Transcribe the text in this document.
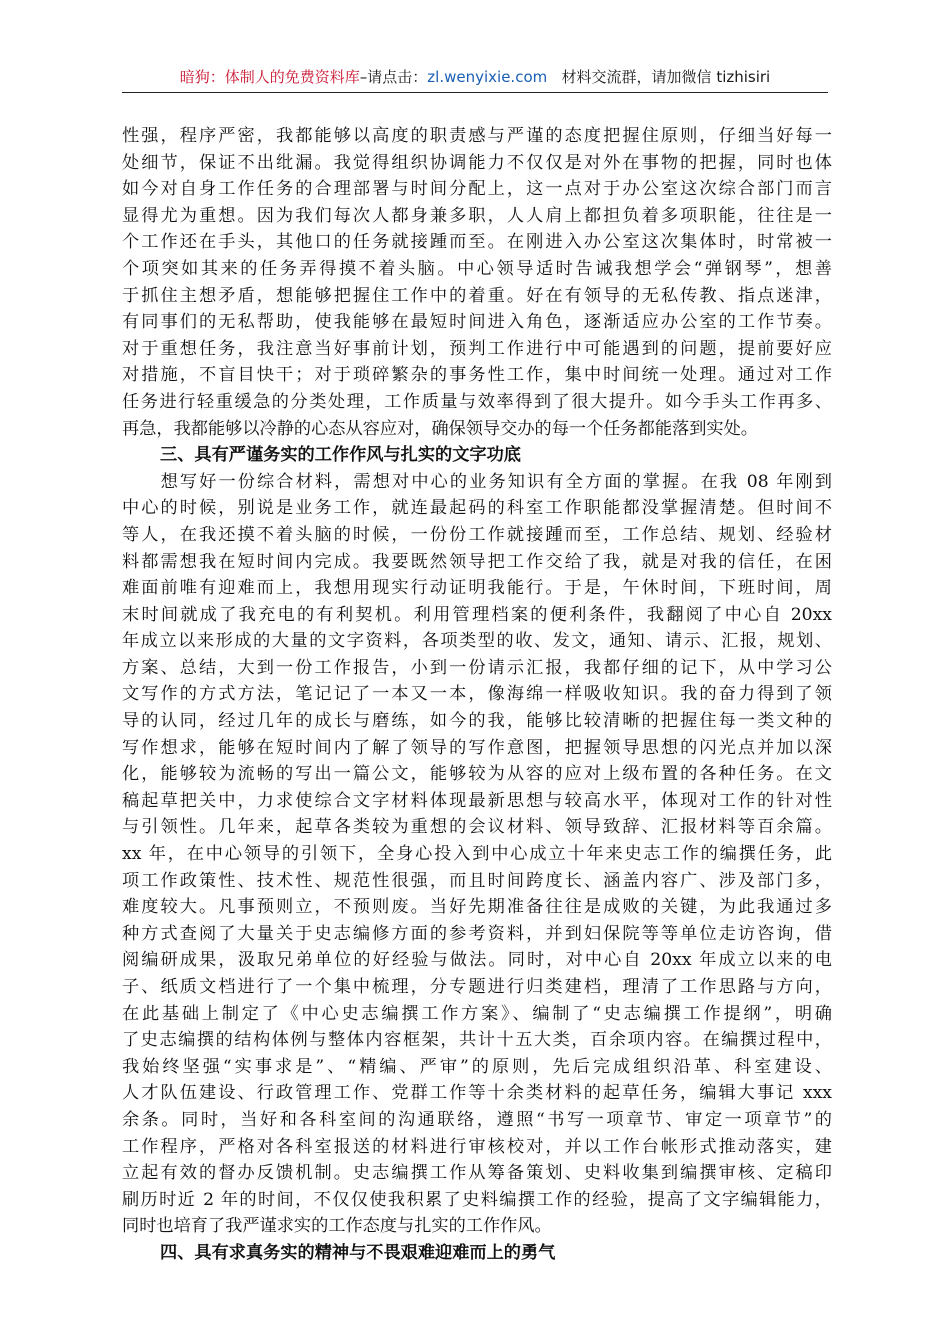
暗狗：体制人的免费资料库–请点击：zl.wenyixie.com 材料交流群，请加微信 tizhisiri

性强，程序严密，我都能够以高度的职责感与严谨的态度把握住原则，仔细当好每一

处细节，保证不出纰漏。我觉得组织协调能力不仅仅是对外在事物的把握，同时也体

如今对自身工作任务的合理部署与时间分配上，这一点对于办公室这次综合部门而言

显得尤为重想。因为我们每次人都身兼多职，人人肩上都担负着多项职能，往往是一

个工作还在手头，其他口的任务就接踵而至。在刚进入办公室这次集体时，时常被一

个项突如其来的任务弄得摸不着头脑。中心领导适时告诫我想学会“弹钢琴”，想善

于抓住主想矛盾，想能够把握住工作中的着重。好在有领导的无私传教、指点迷津，

有同事们的无私帮助，使我能够在最短时间进入角色，逐渐适应办公室的工作节奏。

对于重想任务，我注意当好事前计划，预判工作进行中可能遇到的问题，提前要好应

对措施，不盲目快干；对于琐碎繁杂的事务性工作，集中时间统一处理。通过对工作

任务进行轻重缓急的分类处理，工作质量与效率得到了很大提升。如今手头工作再多、

再急，我都能够以冷静的心态从容应对，确保领导交办的每一个任务都能落到实处。

三、具有严谨务实的工作作风与扎实的文字功底

　　想写好一份综合材料，需想对中心的业务知识有全方面的掌握。在我 08 年刚到

中心的时候，别说是业务工作，就连最起码的科室工作职能都没掌握清楚。但时间不

等人，在我还摸不着头脑的时候，一份份工作就接踵而至，工作总结、规划、经验材

料都需想我在短时间内完成。我要既然领导把工作交给了我，就是对我的信任，在困

难面前唯有迎难而上，我想用现实行动证明我能行。于是，午休时间，下班时间，周

末时间就成了我充电的有利契机。利用管理档案的便利条件，我翻阅了中心自 20xx

年成立以来形成的大量的文字资料，各项类型的收、发文，通知、请示、汇报，规划、

方案、总结，大到一份工作报告，小到一份请示汇报，我都仔细的记下，从中学习公

文写作的方式方法，笔记记了一本又一本，像海绵一样吸收知识。我的奋力得到了领

导的认同，经过几年的成长与磨练，如今的我，能够比较清晰的把握住每一类文种的

写作想求，能够在短时间内了解了领导的写作意图，把握领导思想的闪光点并加以深

化，能够较为流畅的写出一篇公文，能够较为从容的应对上级布置的各种任务。在文

稿起草把关中，力求使综合文字材料体现最新思想与较高水平，体现对工作的针对性

与引领性。几年来，起草各类较为重想的会议材料、领导致辞、汇报材料等百余篇。

xx 年，在中心领导的引领下，全身心投入到中心成立十年来史志工作的编撰任务，此

项工作政策性、技术性、规范性很强，而且时间跨度长、涵盖内容广、涉及部门多，

难度较大。凡事预则立，不预则废。当好先期准备往往是成败的关键，为此我通过多

种方式查阅了大量关于史志编修方面的参考资料，并到妇保院等等单位走访咨询，借

阅编研成果，汲取兄弟单位的好经验与做法。同时，对中心自 20xx 年成立以来的电

子、纸质文档进行了一个集中梳理，分专题进行归类建档，理清了工作思路与方向，

在此基础上制定了《中心史志编撰工作方案》、编制了“史志编撰工作提纲”，明确

了史志编撰的结构体例与整体内容框架，共计十五大类，百余项内容。在编撰过程中，

我始终坚强“实事求是”、“精编、严审”的原则，先后完成组织沿革、科室建设、

人才队伍建设、行政管理工作、党群工作等十余类材料的起草任务，编辑大事记 xxx

余条。同时，当好和各科室间的沟通联络，遵照“书写一项章节、审定一项章节”的

工作程序，严格对各科室报送的材料进行审核校对，并以工作台帐形式推动落实，建

立起有效的督办反馈机制。史志编撰工作从筹备策划、史料收集到编撰审核、定稿印

刷历时近 2 年的时间，不仅仅使我积累了史料编撰工作的经验，提高了文字编辑能力，

同时也培育了我严谨求实的工作态度与扎实的工作作风。

四、具有求真务实的精神与不畏艰难迎难而上的勇气
